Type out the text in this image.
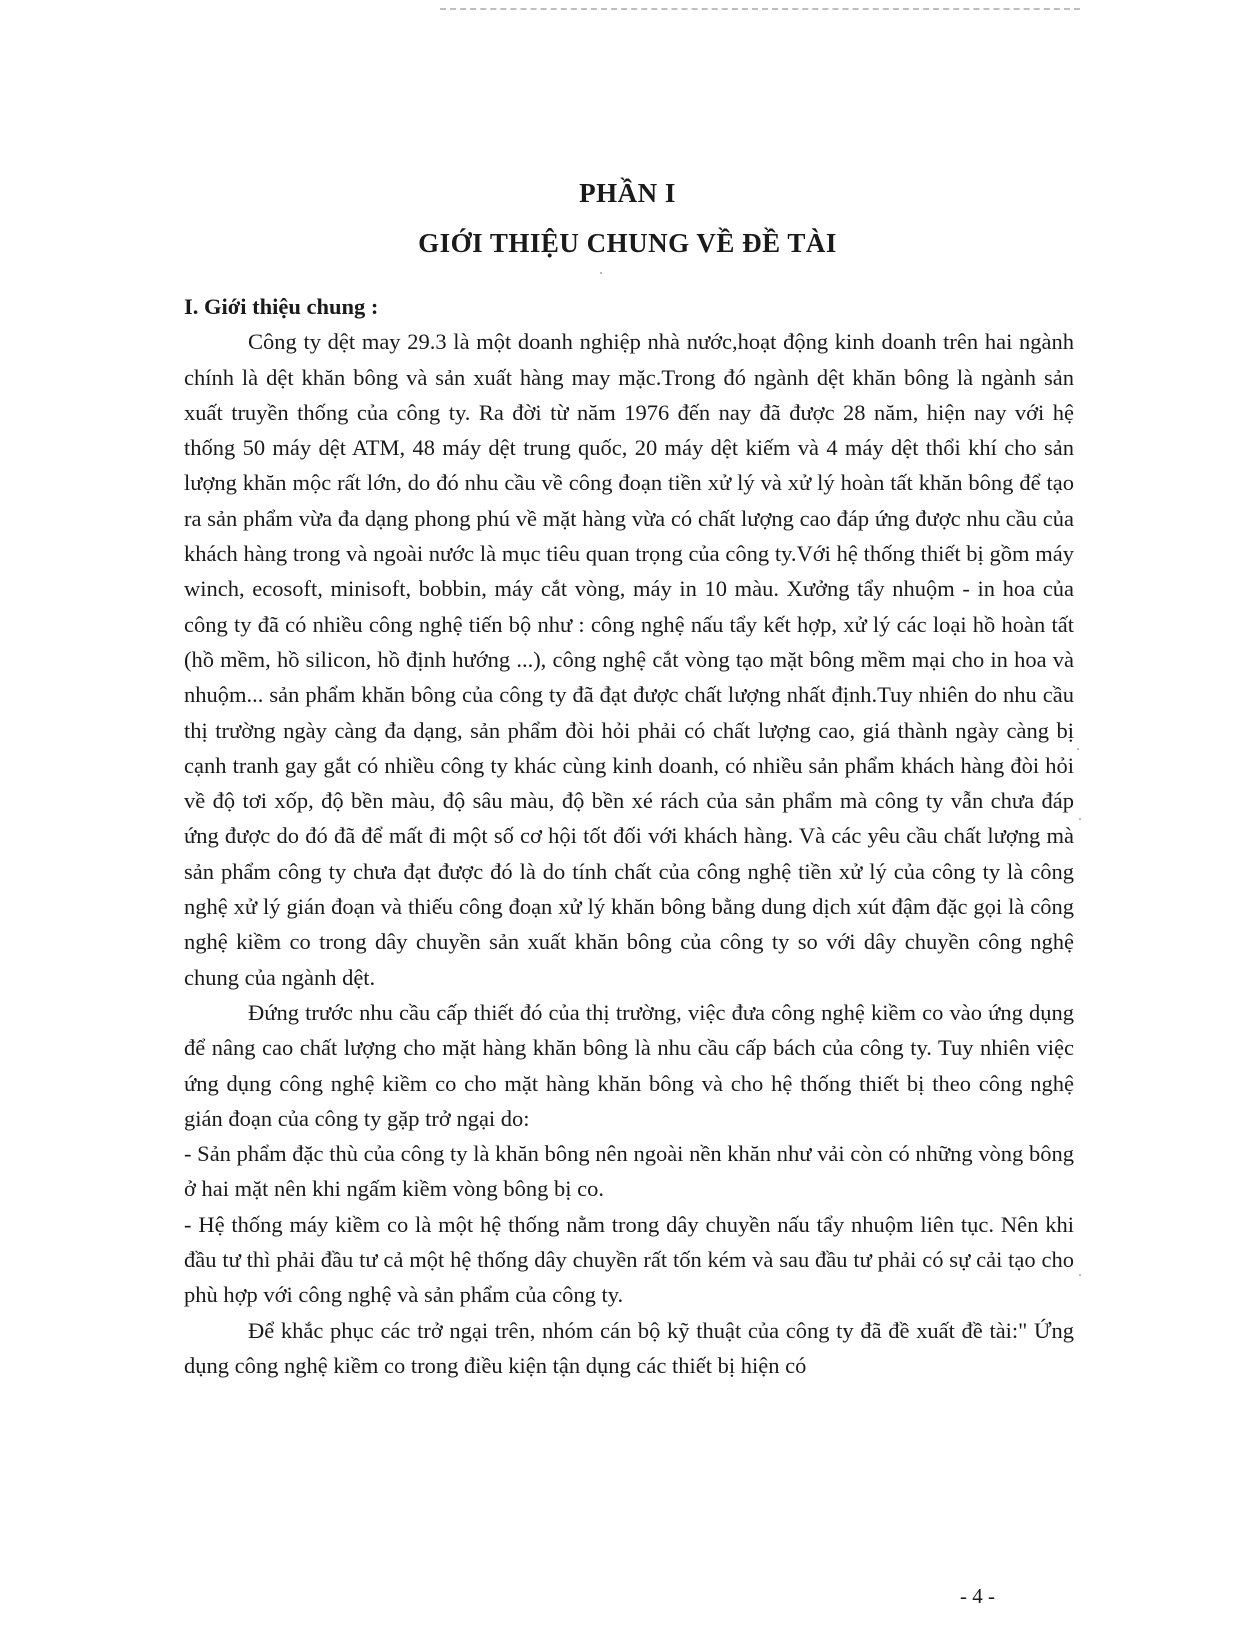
PHẦN I
GIỚI THIỆU CHUNG VỀ ĐỀ TÀI

I. Giới thiệu chung :

Công ty dệt may 29.3 là một doanh nghiệp nhà nước,hoạt động kinh doanh trên hai ngành chính là dệt khăn bông và sản xuất hàng may mặc.Trong đó ngành dệt khăn bông là ngành sản xuất truyền thống của công ty. Ra đời từ năm 1976 đến nay đã được 28 năm, hiện nay với hệ thống 50 máy dệt ATM, 48 máy dệt trung quốc, 20 máy dệt kiếm và 4 máy dệt thổi khí cho sản lượng khăn mộc rất lớn, do đó nhu cầu về công đoạn tiền xử lý và xử lý hoàn tất khăn bông để tạo ra sản phẩm vừa đa dạng phong phú về mặt hàng vừa có chất lượng cao đáp ứng được nhu cầu của khách hàng trong và ngoài nước là mục tiêu quan trọng của công ty.Với hệ thống thiết bị gồm máy winch, ecosoft, minisoft, bobbin, máy cắt vòng, máy in 10 màu. Xưởng tẩy nhuộm - in hoa của công ty đã có nhiều công nghệ tiến bộ như : công nghệ nấu tẩy kết hợp, xử lý các loại hồ hoàn tất (hồ mềm, hồ silicon, hồ định hướng ...), công nghệ cắt vòng tạo mặt bông mềm mại cho in hoa và nhuộm... sản phẩm khăn bông của công ty đã đạt được chất lượng nhất định.Tuy nhiên do nhu cầu thị trường ngày càng đa dạng, sản phẩm đòi hỏi phải có chất lượng cao, giá thành ngày càng bị cạnh tranh gay gắt có nhiều công ty khác cùng kinh doanh, có nhiều sản phẩm khách hàng đòi hỏi về độ tơi xốp, độ bền màu, độ sâu màu, độ bền xé rách của sản phẩm mà công ty vẫn chưa đáp ứng được do đó đã để mất đi một số cơ hội tốt đối với khách hàng. Và các yêu cầu chất lượng mà sản phẩm công ty chưa đạt được đó là do tính chất của công nghệ tiền xử lý của công ty là công nghệ xử lý gián đoạn và thiếu công đoạn xử lý khăn bông bằng dung dịch xút đậm đặc gọi là công nghệ kiềm co trong dây chuyền sản xuất khăn bông của công ty so với dây chuyền công nghệ chung của ngành dệt.

Đứng trước nhu cầu cấp thiết đó của thị trường, việc đưa công nghệ kiềm co vào ứng dụng để nâng cao chất lượng cho mặt hàng khăn bông là nhu cầu cấp bách của công ty. Tuy nhiên việc ứng dụng công nghệ kiềm co cho mặt hàng khăn bông và cho hệ thống thiết bị theo công nghệ gián đoạn của công ty gặp trở ngại do:

- Sản phẩm đặc thù của công ty là khăn bông nên ngoài nền khăn như vải còn có những vòng bông ở hai mặt nên khi ngấm kiềm vòng bông bị co.

- Hệ thống máy kiềm co là một hệ thống nằm trong dây chuyền nấu tẩy nhuộm liên tục. Nên khi đầu tư thì phải đầu tư cả một hệ thống dây chuyền rất tốn kém và sau đầu tư phải có sự cải tạo cho phù hợp với công nghệ và sản phẩm của công ty.

Để khắc phục các trở ngại trên, nhóm cán bộ kỹ thuật của công ty đã đề xuất đề tài:" Ứng dụng công nghệ kiềm co trong điều kiện tận dụng các thiết bị hiện có

- 4 -
